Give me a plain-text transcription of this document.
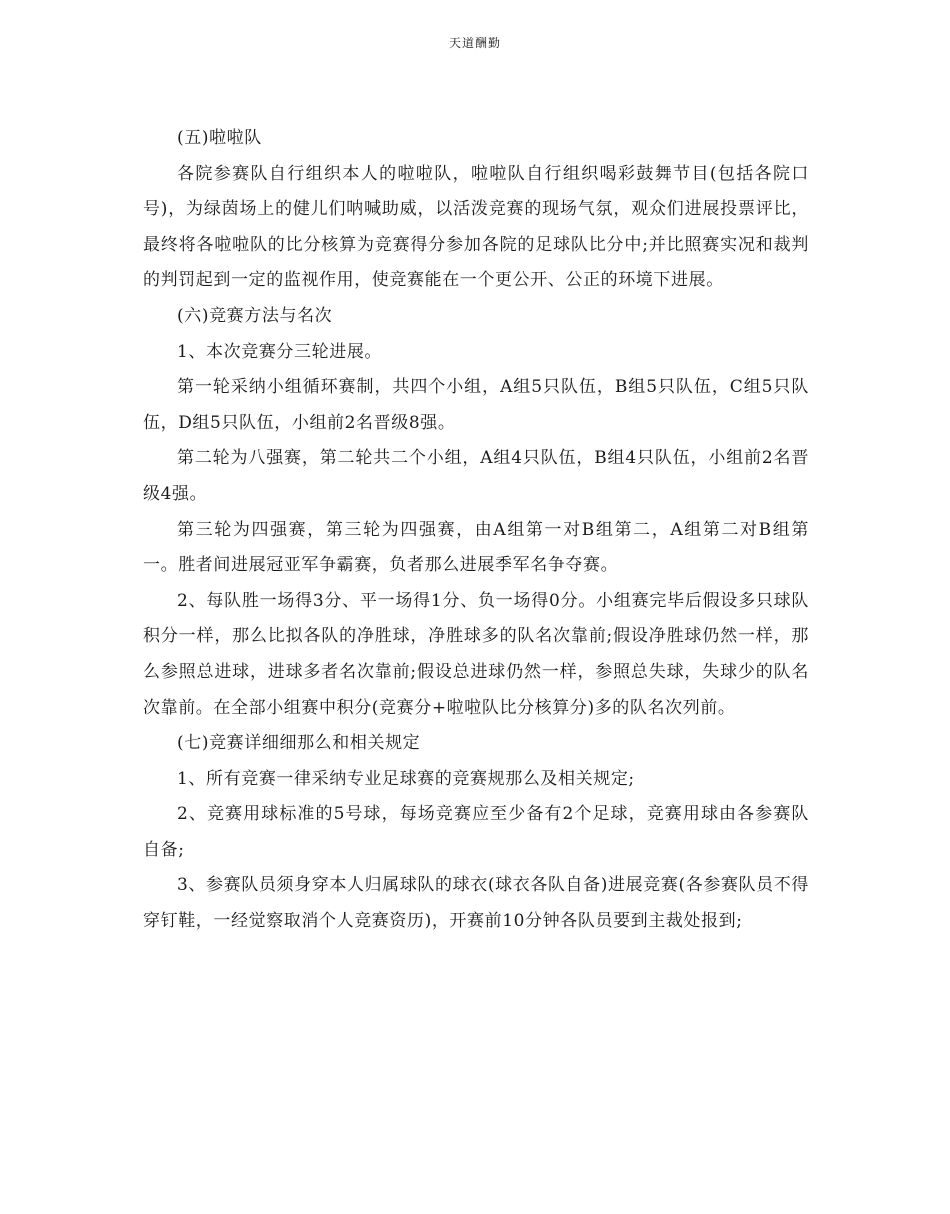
天道酬勤

(五)啦啦队

各院参赛队自行组织本人的啦啦队，啦啦队自行组织喝彩鼓舞节目(包括各院口号)，为绿茵场上的健儿们呐喊助威，以活泼竞赛的现场气氛，观众们进展投票评比，最终将各啦啦队的比分核算为竞赛得分参加各院的足球队比分中;并比照赛实况和裁判的判罚起到一定的监视作用，使竞赛能在一个更公开、公正的环境下进展。

(六)竞赛方法与名次

1、本次竞赛分三轮进展。

第一轮采纳小组循环赛制，共四个小组，A组5只队伍，B组5只队伍，C组5只队伍，D组5只队伍，小组前2名晋级8强。

第二轮为八强赛，第二轮共二个小组，A组4只队伍，B组4只队伍，小组前2名晋级4强。

第三轮为四强赛，第三轮为四强赛，由A组第一对B组第二，A组第二对B组第一。胜者间进展冠亚军争霸赛，负者那么进展季军名争夺赛。

2、每队胜一场得3分、平一场得1分、负一场得0分。小组赛完毕后假设多只球队积分一样，那么比拟各队的净胜球，净胜球多的队名次靠前;假设净胜球仍然一样，那么参照总进球，进球多者名次靠前;假设总进球仍然一样，参照总失球，失球少的队名次靠前。在全部小组赛中积分(竞赛分+啦啦队比分核算分)多的队名次列前。

(七)竞赛详细细那么和相关规定

1、所有竞赛一律采纳专业足球赛的竞赛规那么及相关规定;

2、竞赛用球标准的5号球，每场竞赛应至少备有2个足球，竞赛用球由各参赛队自备;

3、参赛队员须身穿本人归属球队的球衣(球衣各队自备)进展竞赛(各参赛队员不得穿钉鞋，一经觉察取消个人竞赛资历)，开赛前10分钟各队员要到主裁处报到;
